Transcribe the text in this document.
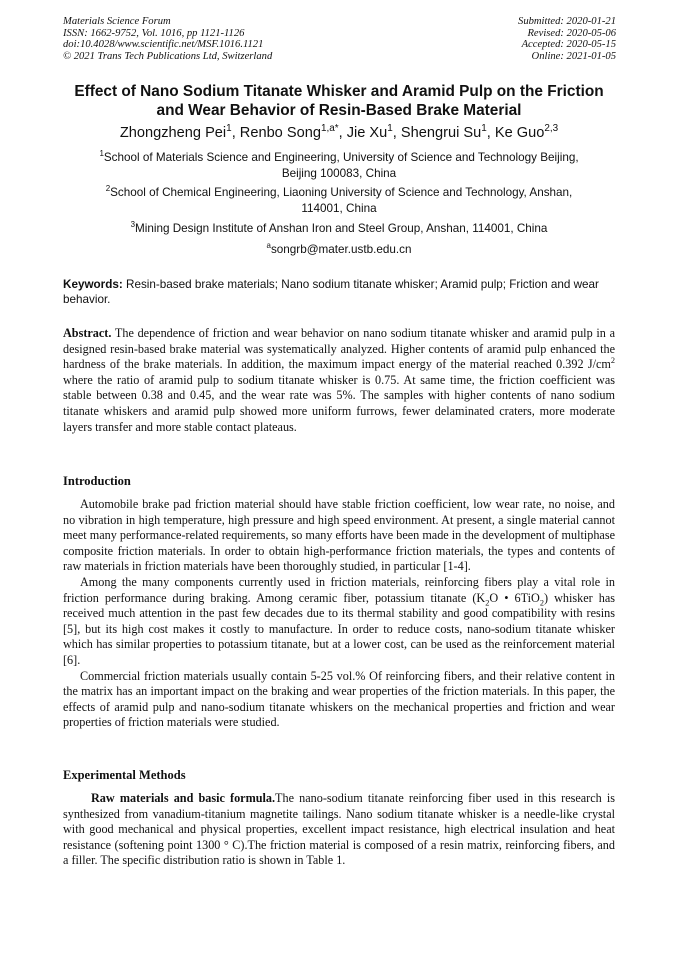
Materials Science Forum
ISSN: 1662-9752, Vol. 1016, pp 1121-1126
doi:10.4028/www.scientific.net/MSF.1016.1121
© 2021 Trans Tech Publications Ltd, Switzerland
Submitted: 2020-01-21
Revised: 2020-05-06
Accepted: 2020-05-15
Online: 2021-01-05
Effect of Nano Sodium Titanate Whisker and Aramid Pulp on the Friction
and Wear Behavior of Resin-Based Brake Material
Zhongzheng Pei$^1$, Renbo Song$^{1,a*}$, Jie Xu$^1$, Shengrui Su$^1$, Ke Guo$^{2,3}$
$^1$School of Materials Science and Engineering, University of Science and Technology Beijing,
Beijing 100083, China
$^2$School of Chemical Engineering, Liaoning University of Science and Technology, Anshan,
114001, China
$^3$Mining Design Institute of Anshan Iron and Steel Group, Anshan, 114001, China
$^a$songrb@mater.ustb.edu.cn
Keywords: Resin-based brake materials; Nano sodium titanate whisker; Aramid pulp; Friction and wear behavior.

Abstract. The dependence of friction and wear behavior on nano sodium titanate whisker and aramid pulp in a designed resin-based brake material was systematically analyzed. Higher contents of aramid pulp enhanced the hardness of the brake materials. In addition, the maximum impact energy of the material reached 0.392 $J/cm^2$ where the ratio of aramid pulp to sodium titanate whisker is 0.75. At same time, the friction coefficient was stable between 0.38 and 0.45, and the wear rate was 5%. The samples with higher contents of nano sodium titanate whiskers and aramid pulp showed more uniform furrows, fewer delaminated craters, more moderate layers transfer and more stable contact plateaus.

Introduction

Automobile brake pad friction material should have stable friction coefficient, low wear rate, no noise, and no vibration in high temperature, high pressure and high speed environment. At present, a single material cannot meet many performance-related requirements, so many efforts have been made in the development of multiphase composite friction materials. In order to obtain high-performance friction materials, the types and contents of raw materials in friction materials have been thoroughly studied, in particular [1-4].

Among the many components currently used in friction materials, reinforcing fibers play a vital role in friction performance during braking. Among ceramic fiber, potassium titanate ($K_2O$ • 6TiO$_2$) whisker has received much attention in the past few decades due to its thermal stability and good compatibility with resins [5], but its high cost makes it costly to manufacture. In order to reduce costs, nano-sodium titanate whisker which has similar properties to potassium titanate, but at a lower cost, can be used as the reinforcement material [6].

Commercial friction materials usually contain 5-25 vol.% Of reinforcing fibers, and their relative content in the matrix has an important impact on the braking and wear properties of the friction materials. In this paper, the effects of aramid pulp and nano-sodium titanate whiskers on the mechanical properties and friction and wear properties of friction materials were studied.

Experimental Methods

Raw materials and basic formula.The nano-sodium titanate reinforcing fiber used in this research is synthesized from vanadium-titanium magnetite tailings. Nano sodium titanate whisker is a needle-like crystal with good mechanical and physical properties, excellent impact resistance, high electrical insulation and heat resistance (softening point 1300 ° C).The friction material is composed of a resin matrix, reinforcing fibers, and a filler. The specific distribution ratio is shown in Table 1.
